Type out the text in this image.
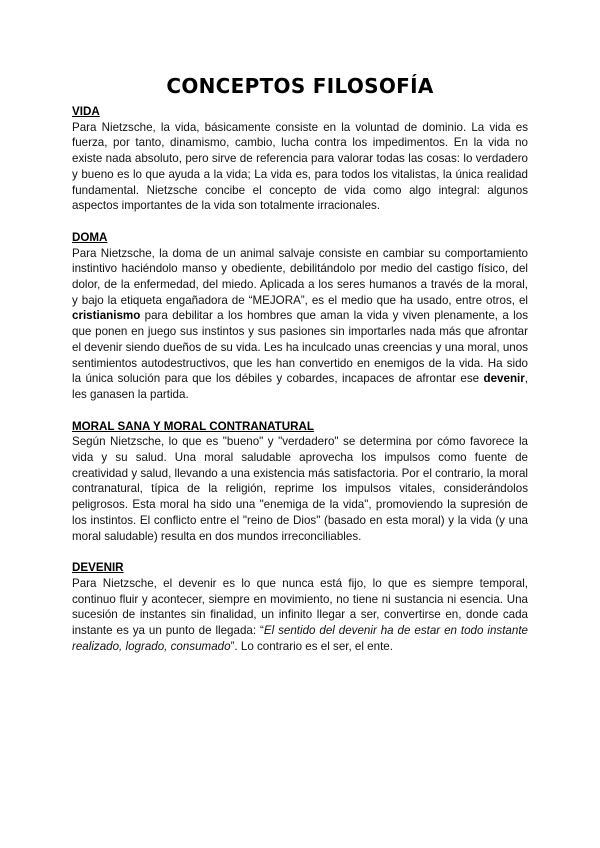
CONCEPTOS FILOSOFÍA
VIDA

Para Nietzsche, la vida, básicamente consiste en la voluntad de dominio. La vida es fuerza, por tanto, dinamismo, cambio, lucha contra los impedimentos. En la vida no existe nada absoluto, pero sirve de referencia para valorar todas las cosas: lo verdadero y bueno es lo que ayuda a la vida; La vida es, para todos los vitalistas, la única realidad fundamental. Nietzsche concibe el concepto de vida como algo integral: algunos aspectos importantes de la vida son totalmente irracionales.

DOMA

Para Nietzsche, la doma de un animal salvaje consiste en cambiar su comportamiento instintivo haciéndolo manso y obediente, debilitándolo por medio del castigo físico, del dolor, de la enfermedad, del miedo. Aplicada a los seres humanos a través de la moral, y bajo la etiqueta engañadora de “MEJORA”, es el medio que ha usado, entre otros, el cristianismo para debilitar a los hombres que aman la vida y viven plenamente, a los que ponen en juego sus instintos y sus pasiones sin importarles nada más que afrontar el devenir siendo dueños de su vida. Les ha inculcado unas creencias y una moral, unos sentimientos autodestructivos, que les han convertido en enemigos de la vida. Ha sido la única solución para que los débiles y cobardes, incapaces de afrontar ese devenir, les ganasen la partida.

MORAL SANA Y MORAL CONTRANATURAL

Según Nietzsche, lo que es "bueno" y "verdadero" se determina por cómo favorece la vida y su salud. Una moral saludable aprovecha los impulsos como fuente de creatividad y salud, llevando a una existencia más satisfactoria. Por el contrario, la moral contranatural, típica de la religión, reprime los impulsos vitales, considerándolos peligrosos. Esta moral ha sido una "enemiga de la vida", promoviendo la supresión de los instintos. El conflicto entre el "reino de Dios" (basado en esta moral) y la vida (y una moral saludable) resulta en dos mundos irreconciliables.

DEVENIR

Para Nietzsche, el devenir es lo que nunca está fijo, lo que es siempre temporal, continuo fluir y acontecer, siempre en movimiento, no tiene ni sustancia ni esencia. Una sucesión de instantes sin finalidad, un infinito llegar a ser, convertirse en, donde cada instante es ya un punto de llegada: “El sentido del devenir ha de estar en todo instante realizado, logrado, consumado”. Lo contrario es el ser, el ente.
